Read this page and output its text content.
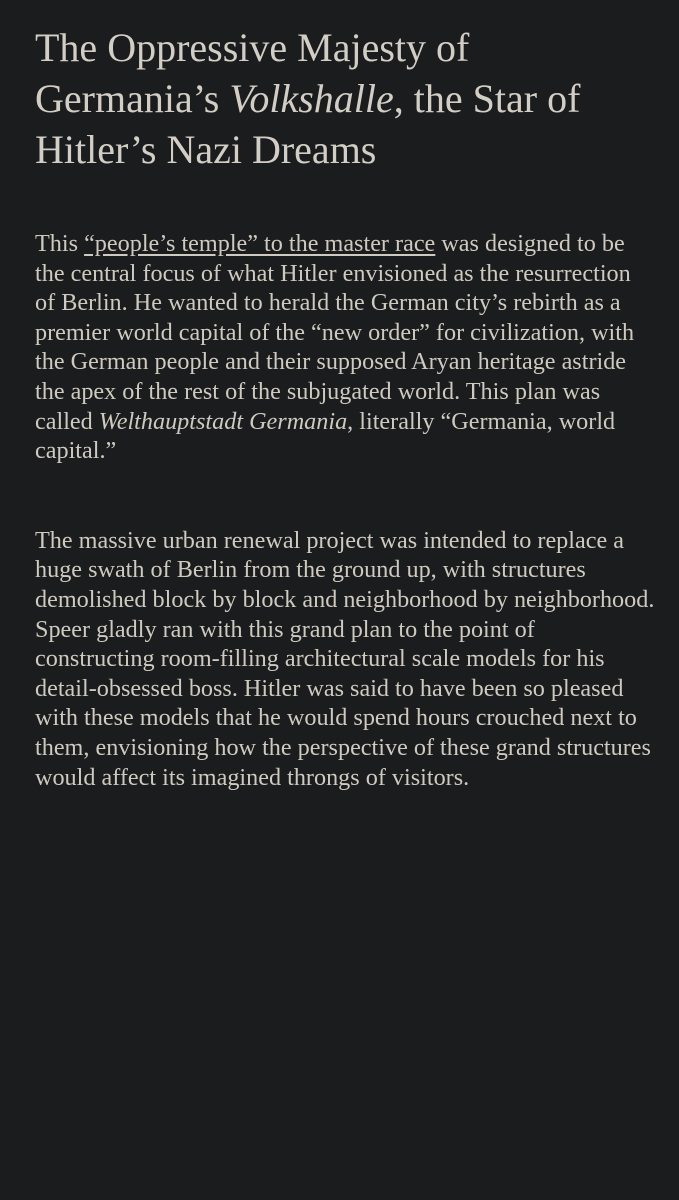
The Oppressive Majesty of Germania’s Volkshalle, the Star of Hitler’s Nazi Dreams

This “people’s temple” to the master race was designed to be the central focus of what Hitler envisioned as the resurrection of Berlin. He wanted to herald the German city’s rebirth as a premier world capital of the “new order” for civilization, with the German people and their supposed Aryan heritage astride the apex of the rest of the subjugated world. This plan was called Welthauptstadt Germania, literally “Germania, world capital.”

The massive urban renewal project was intended to replace a huge swath of Berlin from the ground up, with structures demolished block by block and neighborhood by neighborhood. Speer gladly ran with this grand plan to the point of constructing room-filling architectural scale models for his detail-obsessed boss. Hitler was said to have been so pleased with these models that he would spend hours crouched next to them, envisioning how the perspective of these grand structures would affect its imagined throngs of visitors.
